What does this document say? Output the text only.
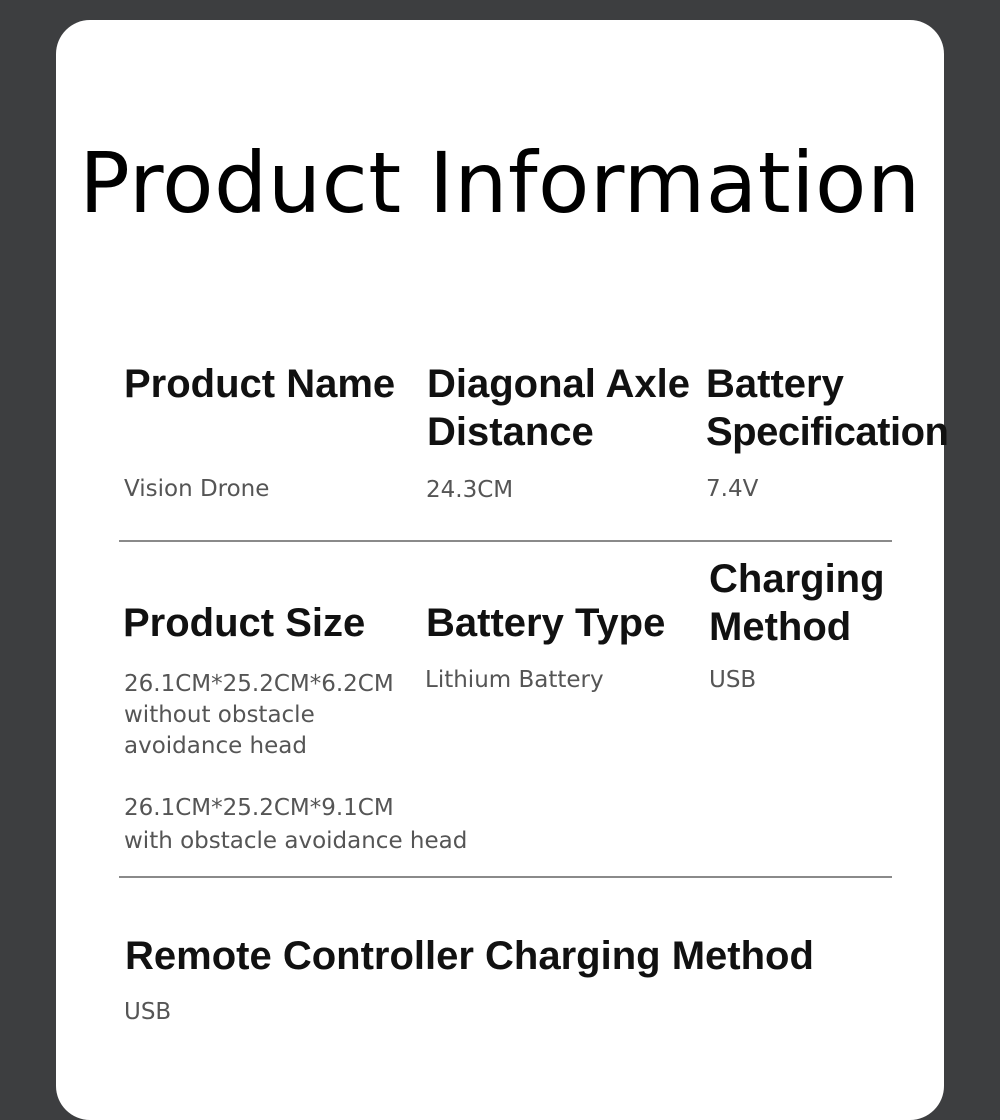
Product Information
Product Name
Vision Drone
Diagonal Axle
Distance
24.3CM
Battery
Specification
7.4V
Product Size
26.1CM*25.2CM*6.2CM
without obstacle
avoidance head
26.1CM*25.2CM*9.1CM
with obstacle avoidance head
Battery Type
Lithium Battery
Charging
Method
USB
Remote Controller Charging Method
USB
